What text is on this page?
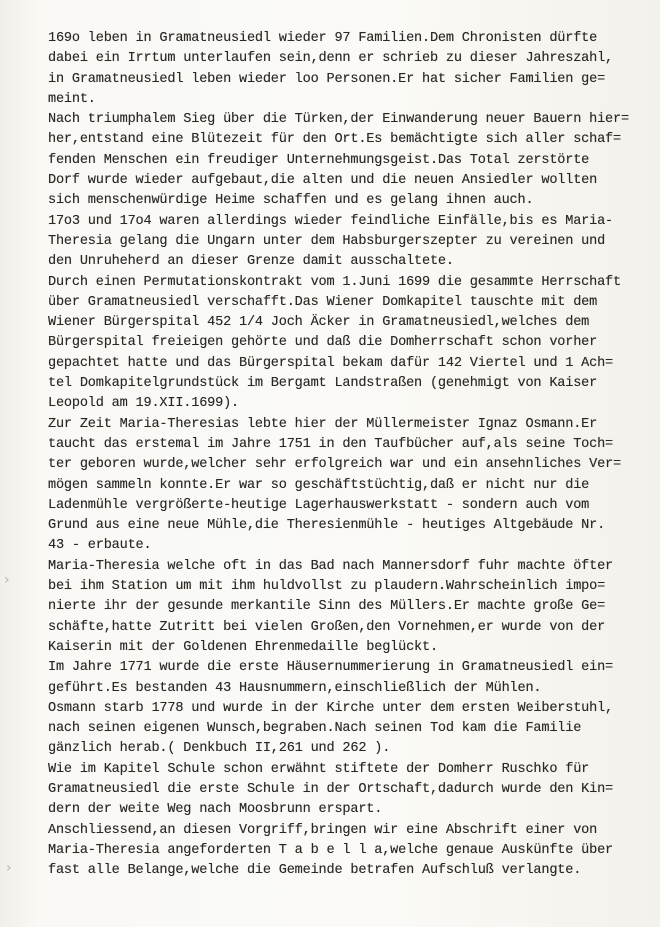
›
›
169o leben in Gramatneusiedl wieder 97 Familien.Dem Chronisten dürfte
dabei ein Irrtum unterlaufen sein,denn er schrieb zu dieser Jahreszahl,
in Gramatneusiedl leben wieder loo Personen.Er hat sicher Familien ge=
meint.
Nach triumphalem Sieg über die Türken,der Einwanderung neuer Bauern hier=
her,entstand eine Blütezeit für den Ort.Es bemächtigte sich aller schaf=
fenden Menschen ein freudiger Unternehmungsgeist.Das Total zerstörte
Dorf wurde wieder aufgebaut,die alten und die neuen Ansiedler wollten
sich menschenwürdige Heime schaffen und es gelang ihnen auch.
17o3 und 17o4 waren allerdings wieder feindliche Einfälle,bis es Maria-
Theresia gelang die Ungarn unter dem Habsburgerszepter zu vereinen und
den Unruheherd an dieser Grenze damit ausschaltete.
Durch einen Permutationskontrakt vom 1.Juni 1699 die gesammte Herrschaft
über Gramatneusiedl verschafft.Das Wiener Domkapitel tauschte mit dem
Wiener Bürgerspital 452 1/4 Joch Äcker in Gramatneusiedl,welches dem
Bürgerspital freieigen gehörte und daß die Domherrschaft schon vorher
gepachtet hatte und das Bürgerspital bekam dafür 142 Viertel und 1 Ach=
tel Domkapitelgrundstück im Bergamt Landstraßen (genehmigt von Kaiser
Leopold am 19.XII.1699).
Zur Zeit Maria-Theresias lebte hier der Müllermeister Ignaz Osmann.Er
taucht das erstemal im Jahre 1751 in den Taufbücher auf,als seine Toch=
ter geboren wurde,welcher sehr erfolgreich war und ein ansehnliches Ver=
mögen sammeln konnte.Er war so geschäftstüchtig,daß er nicht nur die
Ladenmühle vergrößerte-heutige Lagerhauswerkstatt - sondern auch vom
Grund aus eine neue Mühle,die Theresienmühle - heutiges Altgebäude Nr.
43 - erbaute.
Maria-Theresia welche oft in das Bad nach Mannersdorf fuhr machte öfter
bei ihm Station um mit ihm huldvollst zu plaudern.Wahrscheinlich impo=
nierte ihr der gesunde merkantile Sinn des Müllers.Er machte große Ge=
schäfte,hatte Zutritt bei vielen Großen,den Vornehmen,er wurde von der
Kaiserin mit der Goldenen Ehrenmedaille beglückt.
Im Jahre 1771 wurde die erste Häusernummerierung in Gramatneusiedl ein=
geführt.Es bestanden 43 Hausnummern,einschließlich der Mühlen.
Osmann starb 1778 und wurde in der Kirche unter dem ersten Weiberstuhl,
nach seinen eigenen Wunsch,begraben.Nach seinen Tod kam die Familie
gänzlich herab.( Denkbuch II,261 und 262 ).
Wie im Kapitel Schule schon erwähnt stiftete der Domherr Ruschko für
Gramatneusiedl die erste Schule in der Ortschaft,dadurch wurde den Kin=
dern der weite Weg nach Moosbrunn erspart.
Anschliessend,an diesen Vorgriff,bringen wir eine Abschrift einer von
Maria-Theresia angeforderten T a b e l l a,welche genaue Auskünfte über
fast alle Belange,welche die Gemeinde betrafen Aufschluß verlangte.
